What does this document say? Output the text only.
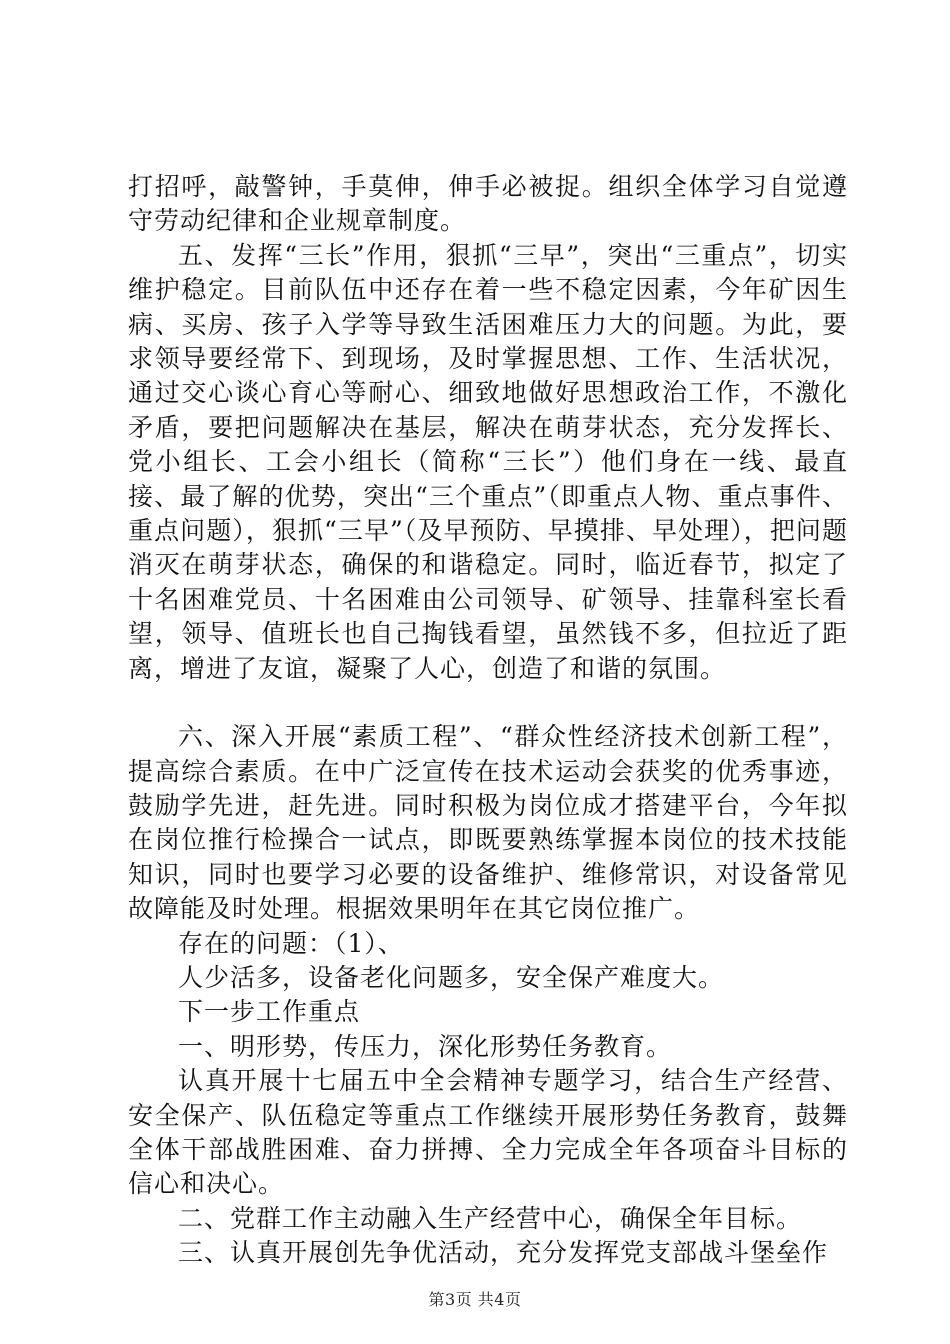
打招呼，敲警钟，手莫伸，伸手必被捉。组织全体学习自觉遵守劳动纪律和企业规章制度。

五、发挥“三长”作用，狠抓“三早”，突出“三重点”，切实维护稳定。目前队伍中还存在着一些不稳定因素，今年矿因生病、买房、孩子入学等导致生活困难压力大的问题。为此，要求领导要经常下、到现场，及时掌握思想、工作、生活状况，通过交心谈心育心等耐心、细致地做好思想政治工作，不激化矛盾，要把问题解决在基层，解决在萌芽状态，充分发挥长、党小组长、工会小组长（简称“三长”）他们身在一线、最直接、最了解的优势，突出“三个重点”（即重点人物、重点事件、重点问题），狠抓“三早”（及早预防、早摸排、早处理），把问题消灭在萌芽状态，确保的和谐稳定。同时，临近春节，拟定了十名困难党员、十名困难由公司领导、矿领导、挂靠科室长看望，领导、值班长也自己掏钱看望，虽然钱不多，但拉近了距离，增进了友谊，凝聚了人心，创造了和谐的氛围。

六、深入开展“素质工程”、“群众性经济技术创新工程”，提高综合素质。在中广泛宣传在技术运动会获奖的优秀事迹，鼓励学先进，赶先进。同时积极为岗位成才搭建平台，今年拟在岗位推行检操合一试点，即既要熟练掌握本岗位的技术技能知识，同时也要学习必要的设备维护、维修常识，对设备常见故障能及时处理。根据效果明年在其它岗位推广。

存在的问题：（1）、

人少活多，设备老化问题多，安全保产难度大。

下一步工作重点

一、明形势，传压力，深化形势任务教育。

认真开展十七届五中全会精神专题学习，结合生产经营、安全保产、队伍稳定等重点工作继续开展形势任务教育，鼓舞全体干部战胜困难、奋力拼搏、全力完成全年各项奋斗目标的信心和决心。

二、党群工作主动融入生产经营中心，确保全年目标。

三、认真开展创先争优活动，充分发挥党支部战斗堡垒作

第3页 共4页
